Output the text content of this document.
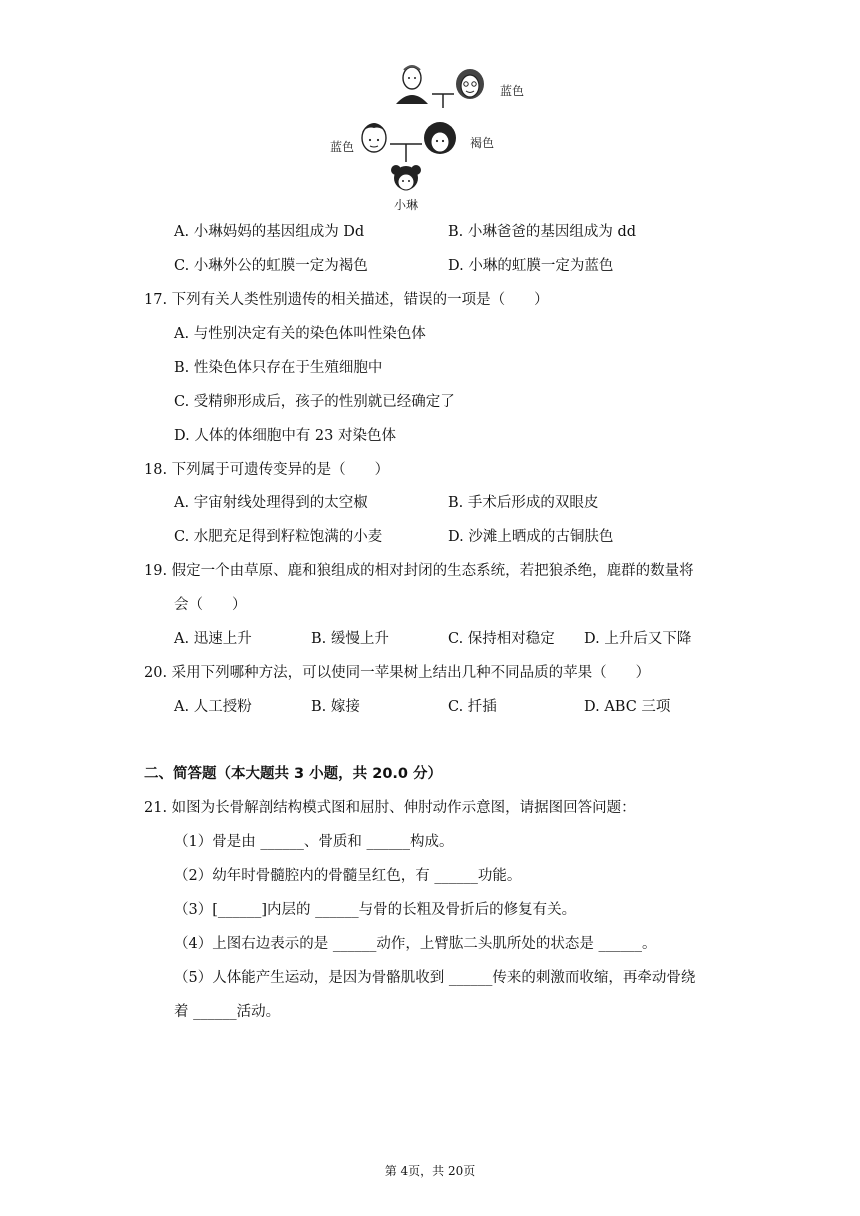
蓝色
蓝色	褐色
小琳
A. 小琳妈妈的基因组成为 Dd	B. 小琳爸爸的基因组成为 dd
C. 小琳外公的虹膜一定为褐色	D. 小琳的虹膜一定为蓝色
17. 下列有关人类性别遗传的相关描述，错误的一项是（　　）
A. 与性别决定有关的染色体叫性染色体
B. 性染色体只存在于生殖细胞中
C. 受精卵形成后，孩子的性别就已经确定了
D. 人体的体细胞中有 23 对染色体
18. 下列属于可遗传变异的是（　　）
A. 宇宙射线处理得到的太空椒	B. 手术后形成的双眼皮
C. 水肥充足得到籽粒饱满的小麦	D. 沙滩上晒成的古铜肤色
19. 假定一个由草原、鹿和狼组成的相对封闭的生态系统，若把狼杀绝，鹿群的数量将
会（　　）
A. 迅速上升	B. 缓慢上升	C. 保持相对稳定 D. 上升后又下降
20. 采用下列哪种方法，可以使同一苹果树上结出几种不同品质的苹果（　　）
A. 人工授粉	B. 嫁接	C. 扦插	D. ABC 三项
二、简答题（本大题共 3 小题，共 20.0 分）
21. 如图为长骨解剖结构模式图和屈肘、伸肘动作示意图，请据图回答问题：
（1）骨是由 ______、骨质和 ______构成。
（2）幼年时骨髓腔内的骨髓呈红色，有 ______功能。
（3）[______]内层的 ______与骨的长粗及骨折后的修复有关。
（4）上图右边表示的是 ______动作，上臂肱二头肌所处的状态是 ______。
（5）人体能产生运动，是因为骨骼肌收到 ______传来的刺激而收缩，再牵动骨绕
着 ______活动。
第 4页，共 20页
